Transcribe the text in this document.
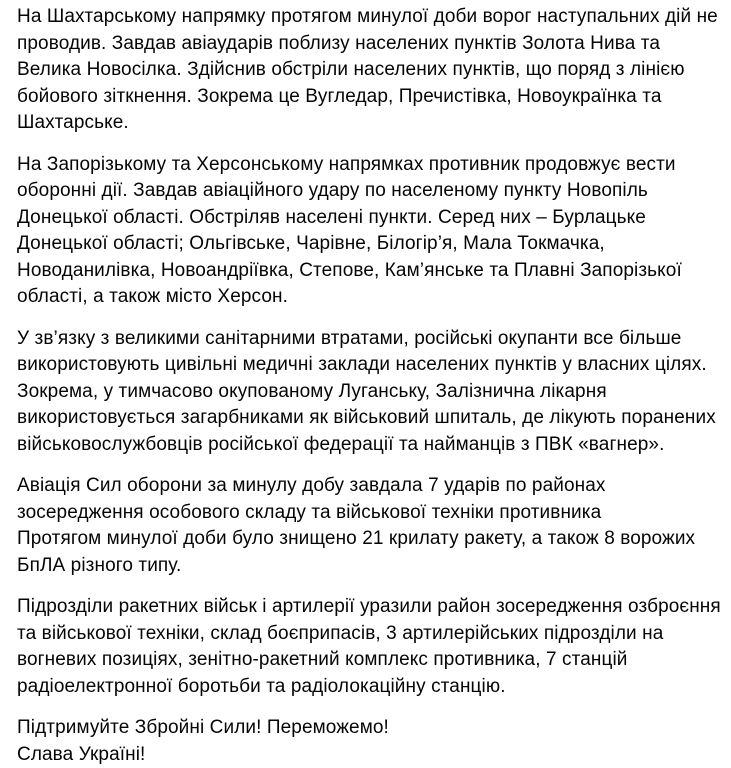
На Шахтарському напрямку протягом минулої доби ворог наступальних дій не проводив. Завдав авіаударів поблизу населених пунктів Золота Нива та Велика Новосілка. Здійснив обстріли населених пунктів, що поряд з лінією бойового зіткнення. Зокрема це Вугледар, Пречистівка, Новоукраїнка та Шахтарське.

На Запорізькому та Херсонському напрямках противник продовжує вести оборонні дії. Завдав авіаційного удару по населеному пункту Новопіль Донецької області. Обстріляв населені пункти. Серед них – Бурлацьке Донецької області; Ольгівське, Чарівне, Білогір’я, Мала Токмачка, Новоданилівка, Новоандріївка, Степове, Кам’янське та Плавні Запорізької області, а також місто Херсон.

У зв’язку з великими санітарними втратами, російські окупанти все більше використовують цивільні медичні заклади населених пунктів у власних цілях. Зокрема, у тимчасово окупованому Луганську, Залізнична лікарня використовується загарбниками як військовий шпиталь, де лікують поранених військовослужбовців російської федерації та найманців з ПВК «вагнер».

Авіація Сил оборони за минулу добу завдала 7 ударів по районах зосередження особового складу та військової техніки противника
Протягом минулої доби було знищено 21 крилату ракету, а також 8 ворожих БпЛА різного типу.

Підрозділи ракетних військ і артилерії уразили район зосередження озброєння та військової техніки, склад боєприпасів, 3 артилерійських підрозділи на вогневих позиціях, зенітно-ракетний комплекс противника, 7 станцій радіоелектронної боротьби та радіолокаційну станцію.

Підтримуйте Збройні Сили! Переможемо!
Слава Україні!
